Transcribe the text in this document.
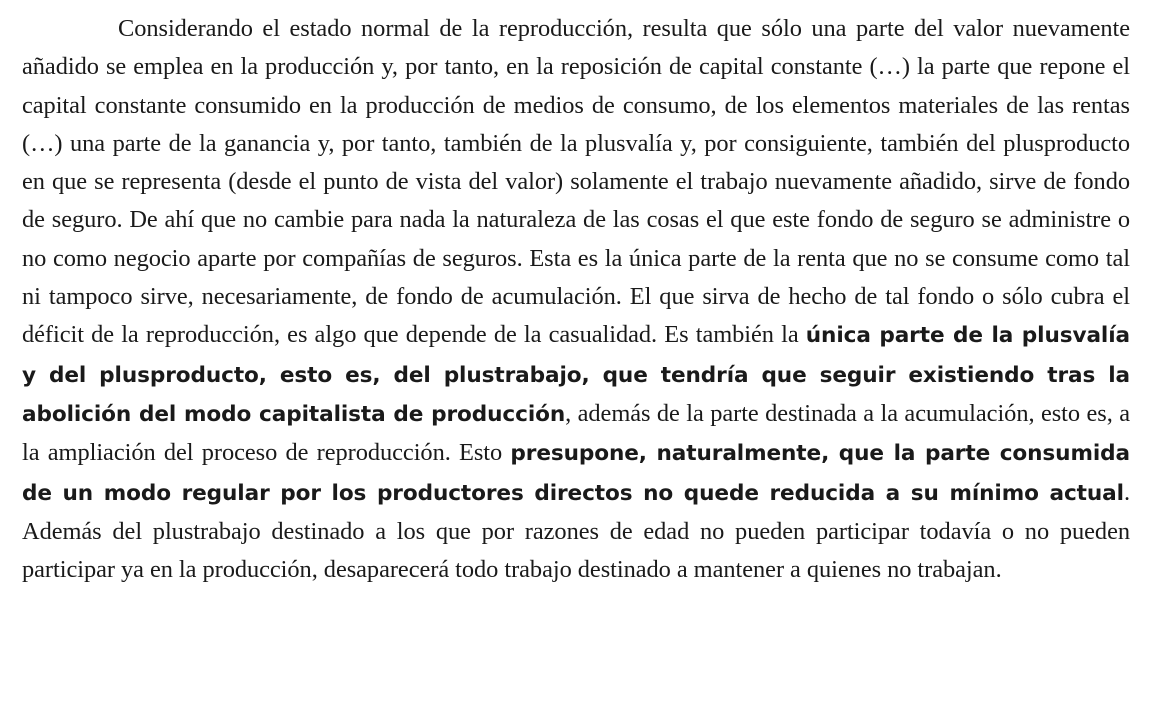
Considerando el estado normal de la reproducción, resulta que sólo una parte del valor nuevamente añadido se emplea en la producción y, por tanto, en la reposición de capital constante (…) la parte que repone el capital constante consumido en la producción de medios de consumo, de los elementos materiales de las rentas (…) una parte de la ganancia y, por tanto, también de la plusvalía y, por consiguiente, también del plusproducto en que se representa (desde el punto de vista del valor) solamente el trabajo nuevamente añadido, sirve de fondo de seguro. De ahí que no cambie para nada la naturaleza de las cosas el que este fondo de seguro se administre o no como negocio aparte por compañías de seguros. Esta es la única parte de la renta que no se consume como tal ni tampoco sirve, necesariamente, de fondo de acumulación. El que sirva de hecho de tal fondo o sólo cubra el déficit de la reproducción, es algo que depende de la casualidad. Es también la única parte de la plusvalía y del plusproducto, esto es, del plustrabajo, que tendría que seguir existiendo tras la abolición del modo capitalista de producción, además de la parte destinada a la acumulación, esto es, a la ampliación del proceso de reproducción. Esto presupone, naturalmente, que la parte consumida de un modo regular por los productores directos no quede reducida a su mínimo actual. Además del plustrabajo destinado a los que por razones de edad no pueden participar todavía o no pueden participar ya en la producción, desaparecerá todo trabajo destinado a mantener a quienes no trabajan.
